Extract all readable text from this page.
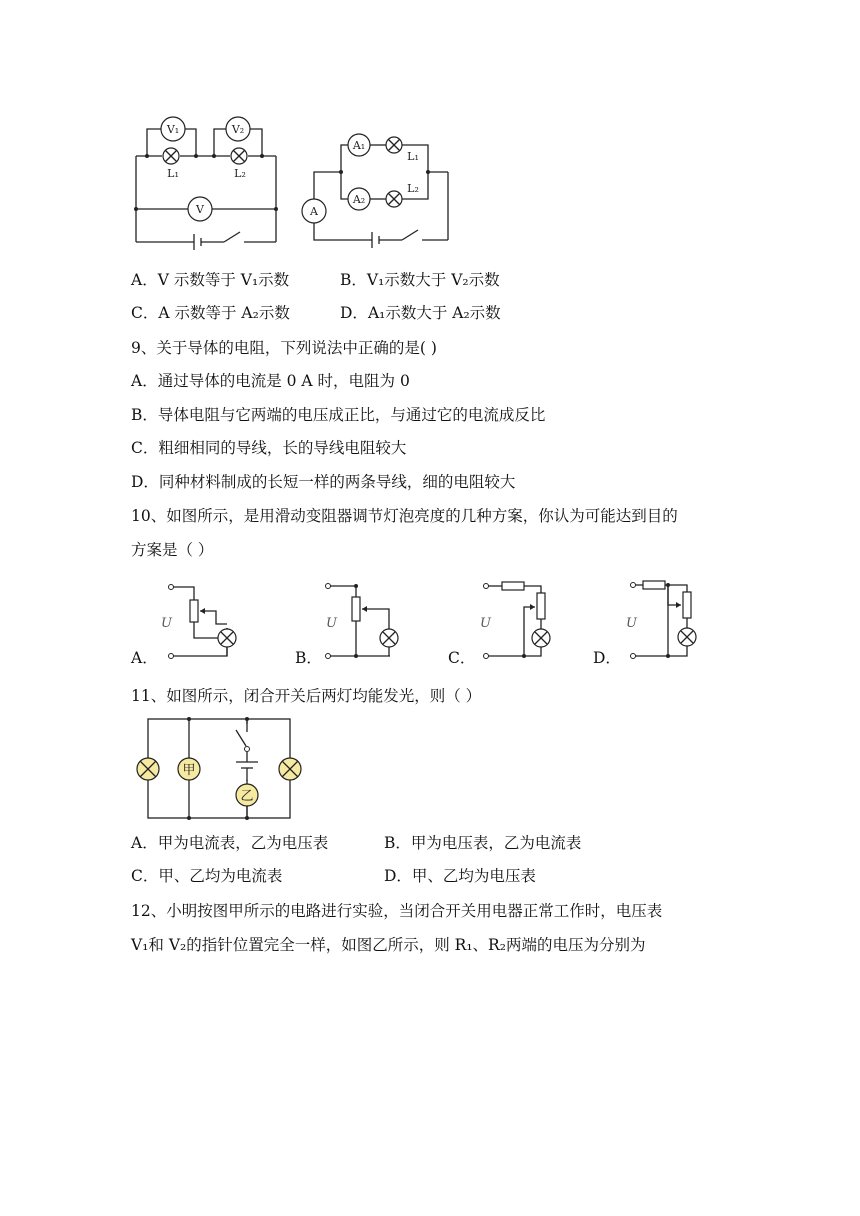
V₁	V₂
V
L₁	L₂
A₁
A₂
A
L₁
L₂
A．V 示数等于 V₁示数	B．V₁示数大于 V₂示数
C．A 示数等于 A₂示数	D．A₁示数大于 A₂示数
9、关于导体的电阻，下列说法中正确的是( )
A．通过导体的电流是 0 A 时，电阻为 0
B．导体电阻与它两端的电压成正比，与通过它的电流成反比
C．粗细相同的导线，长的导线电阻较大
D．同种材料制成的长短一样的两条导线，细的电阻较大
10、如图所示，是用滑动变阻器调节灯泡亮度的几种方案，你认为可能达到目的
方案是（ ）
U	U	U	U
A．	B．	C．	D．
11、如图所示，闭合开关后两灯均能发光，则（ ）
甲
乙
A．甲为电流表，乙为电压表	B．甲为电压表，乙为电流表
C．甲、乙均为电流表	D．甲、乙均为电压表
12、小明按图甲所示的电路进行实验，当闭合开关用电器正常工作时，电压表
V₁和 V₂的指针位置完全一样，如图乙所示，则 R₁、R₂两端的电压为分别为
